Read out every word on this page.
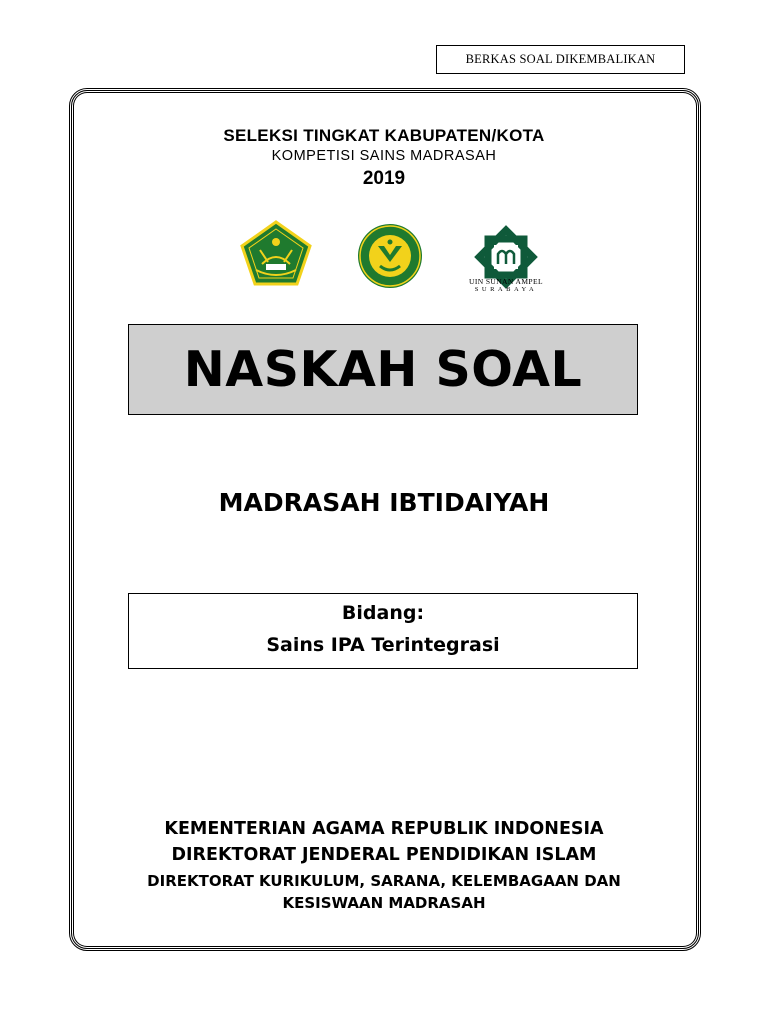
BERKAS SOAL DIKEMBALIKAN
SELEKSI TINGKAT KABUPATEN/KOTA
KOMPETISI SAINS MADRASAH
2019
UIN SUNAN AMPEL
SURABAYA
NASKAH SOAL
MADRASAH IBTIDAIYAH
Bidang:
Sains IPA Terintegrasi
KEMENTERIAN AGAMA REPUBLIK INDONESIA
DIREKTORAT JENDERAL PENDIDIKAN ISLAM
DIREKTORAT KURIKULUM, SARANA, KELEMBAGAAN DAN
KESISWAAN MADRASAH
